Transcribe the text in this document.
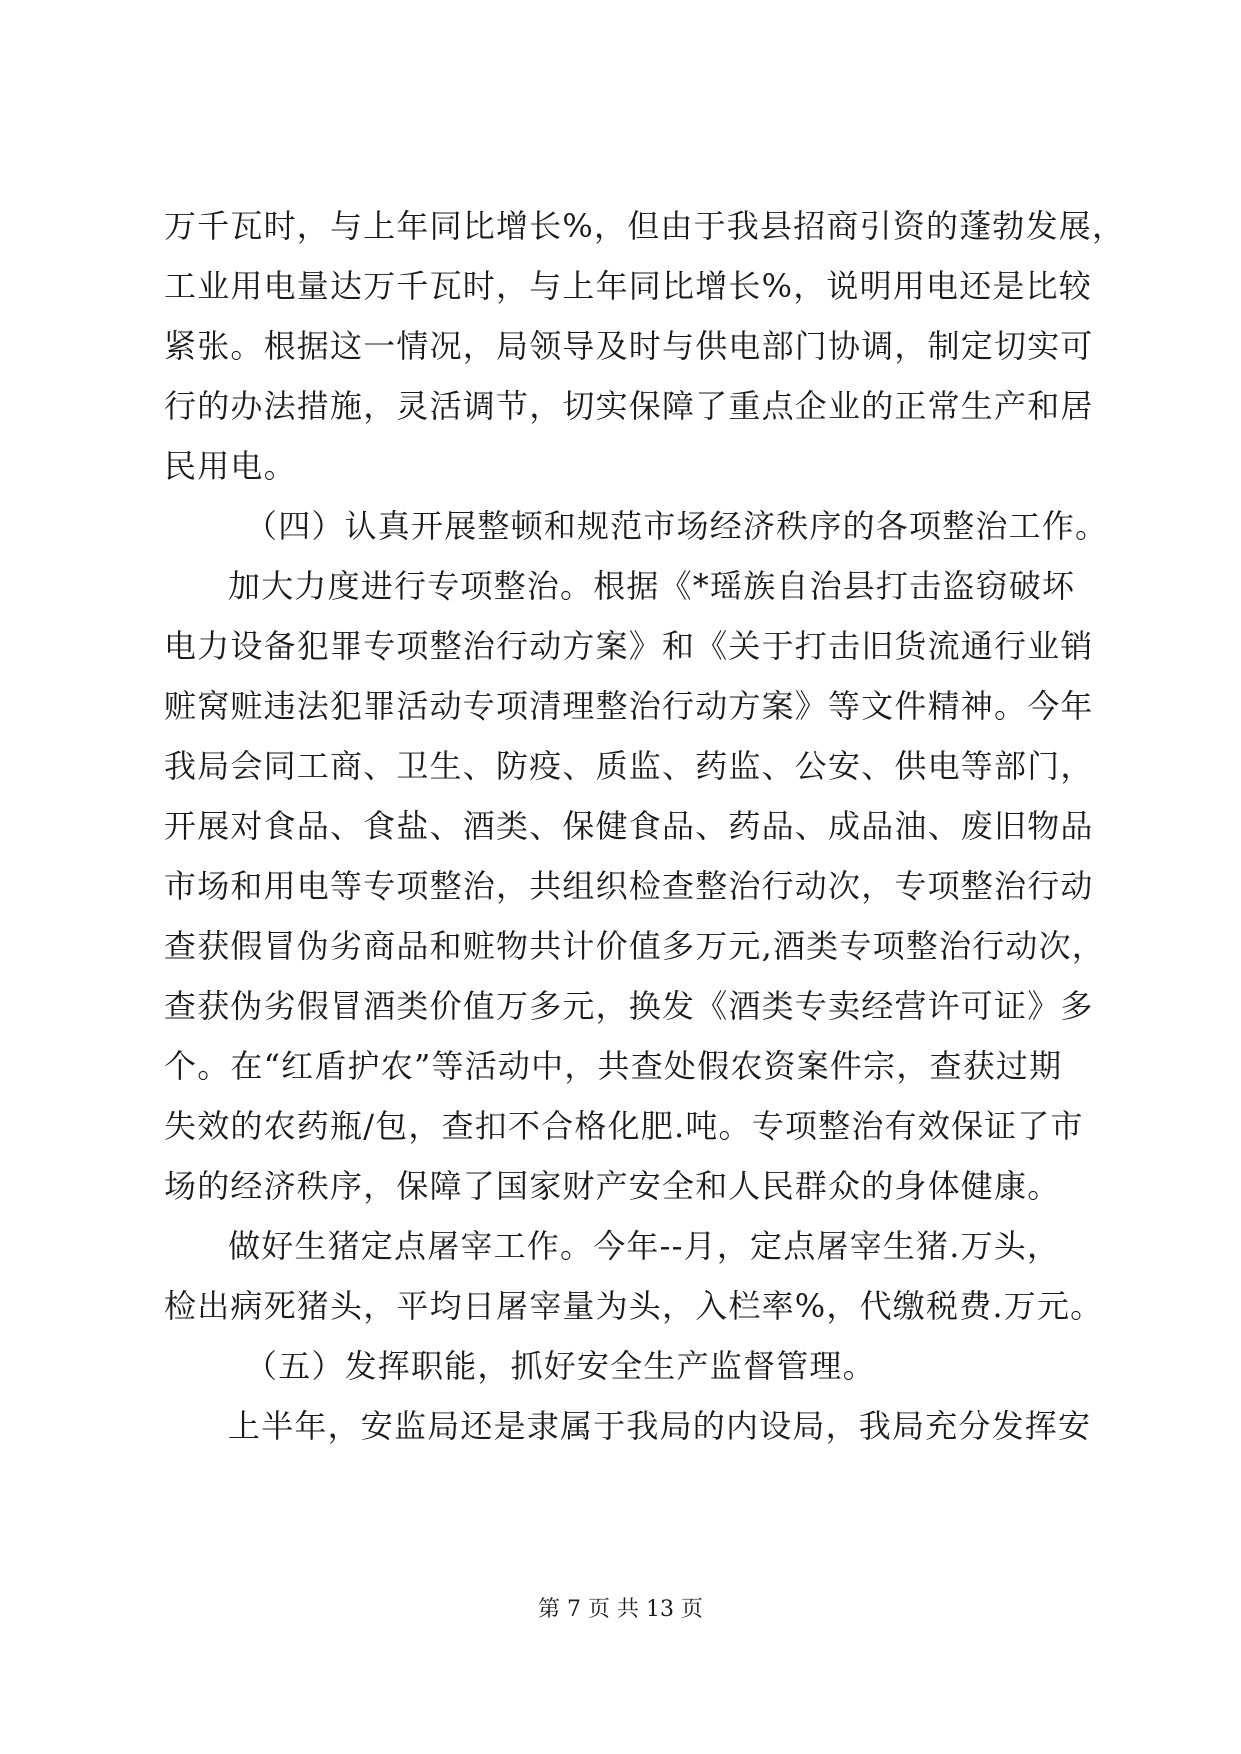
万千瓦时，与上年同比增长%，但由于我县招商引资的蓬勃发展，
工业用电量达万千瓦时，与上年同比增长%，说明用电还是比较
紧张。根据这一情况，局领导及时与供电部门协调，制定切实可
行的办法措施，灵活调节，切实保障了重点企业的正常生产和居
民用电。
（四）认真开展整顿和规范市场经济秩序的各项整治工作。
加大力度进行专项整治。根据《*瑶族自治县打击盗窃破坏
电力设备犯罪专项整治行动方案》和《关于打击旧货流通行业销
赃窝赃违法犯罪活动专项清理整治行动方案》等文件精神。今年
我局会同工商、卫生、防疫、质监、药监、公安、供电等部门，
开展对食品、食盐、酒类、保健食品、药品、成品油、废旧物品
市场和用电等专项整治，共组织检查整治行动次，专项整治行动
查获假冒伪劣商品和赃物共计价值多万元,酒类专项整治行动次，
查获伪劣假冒酒类价值万多元，换发《酒类专卖经营许可证》多
个。在“红盾护农”等活动中，共查处假农资案件宗，查获过期
失效的农药瓶/包，查扣不合格化肥.吨。专项整治有效保证了市
场的经济秩序，保障了国家财产安全和人民群众的身体健康。
做好生猪定点屠宰工作。今年--月，定点屠宰生猪.万头，
检出病死猪头，平均日屠宰量为头，入栏率%，代缴税费.万元。
（五）发挥职能，抓好安全生产监督管理。
上半年，安监局还是隶属于我局的内设局，我局充分发挥安
第 7 页 共 13 页
